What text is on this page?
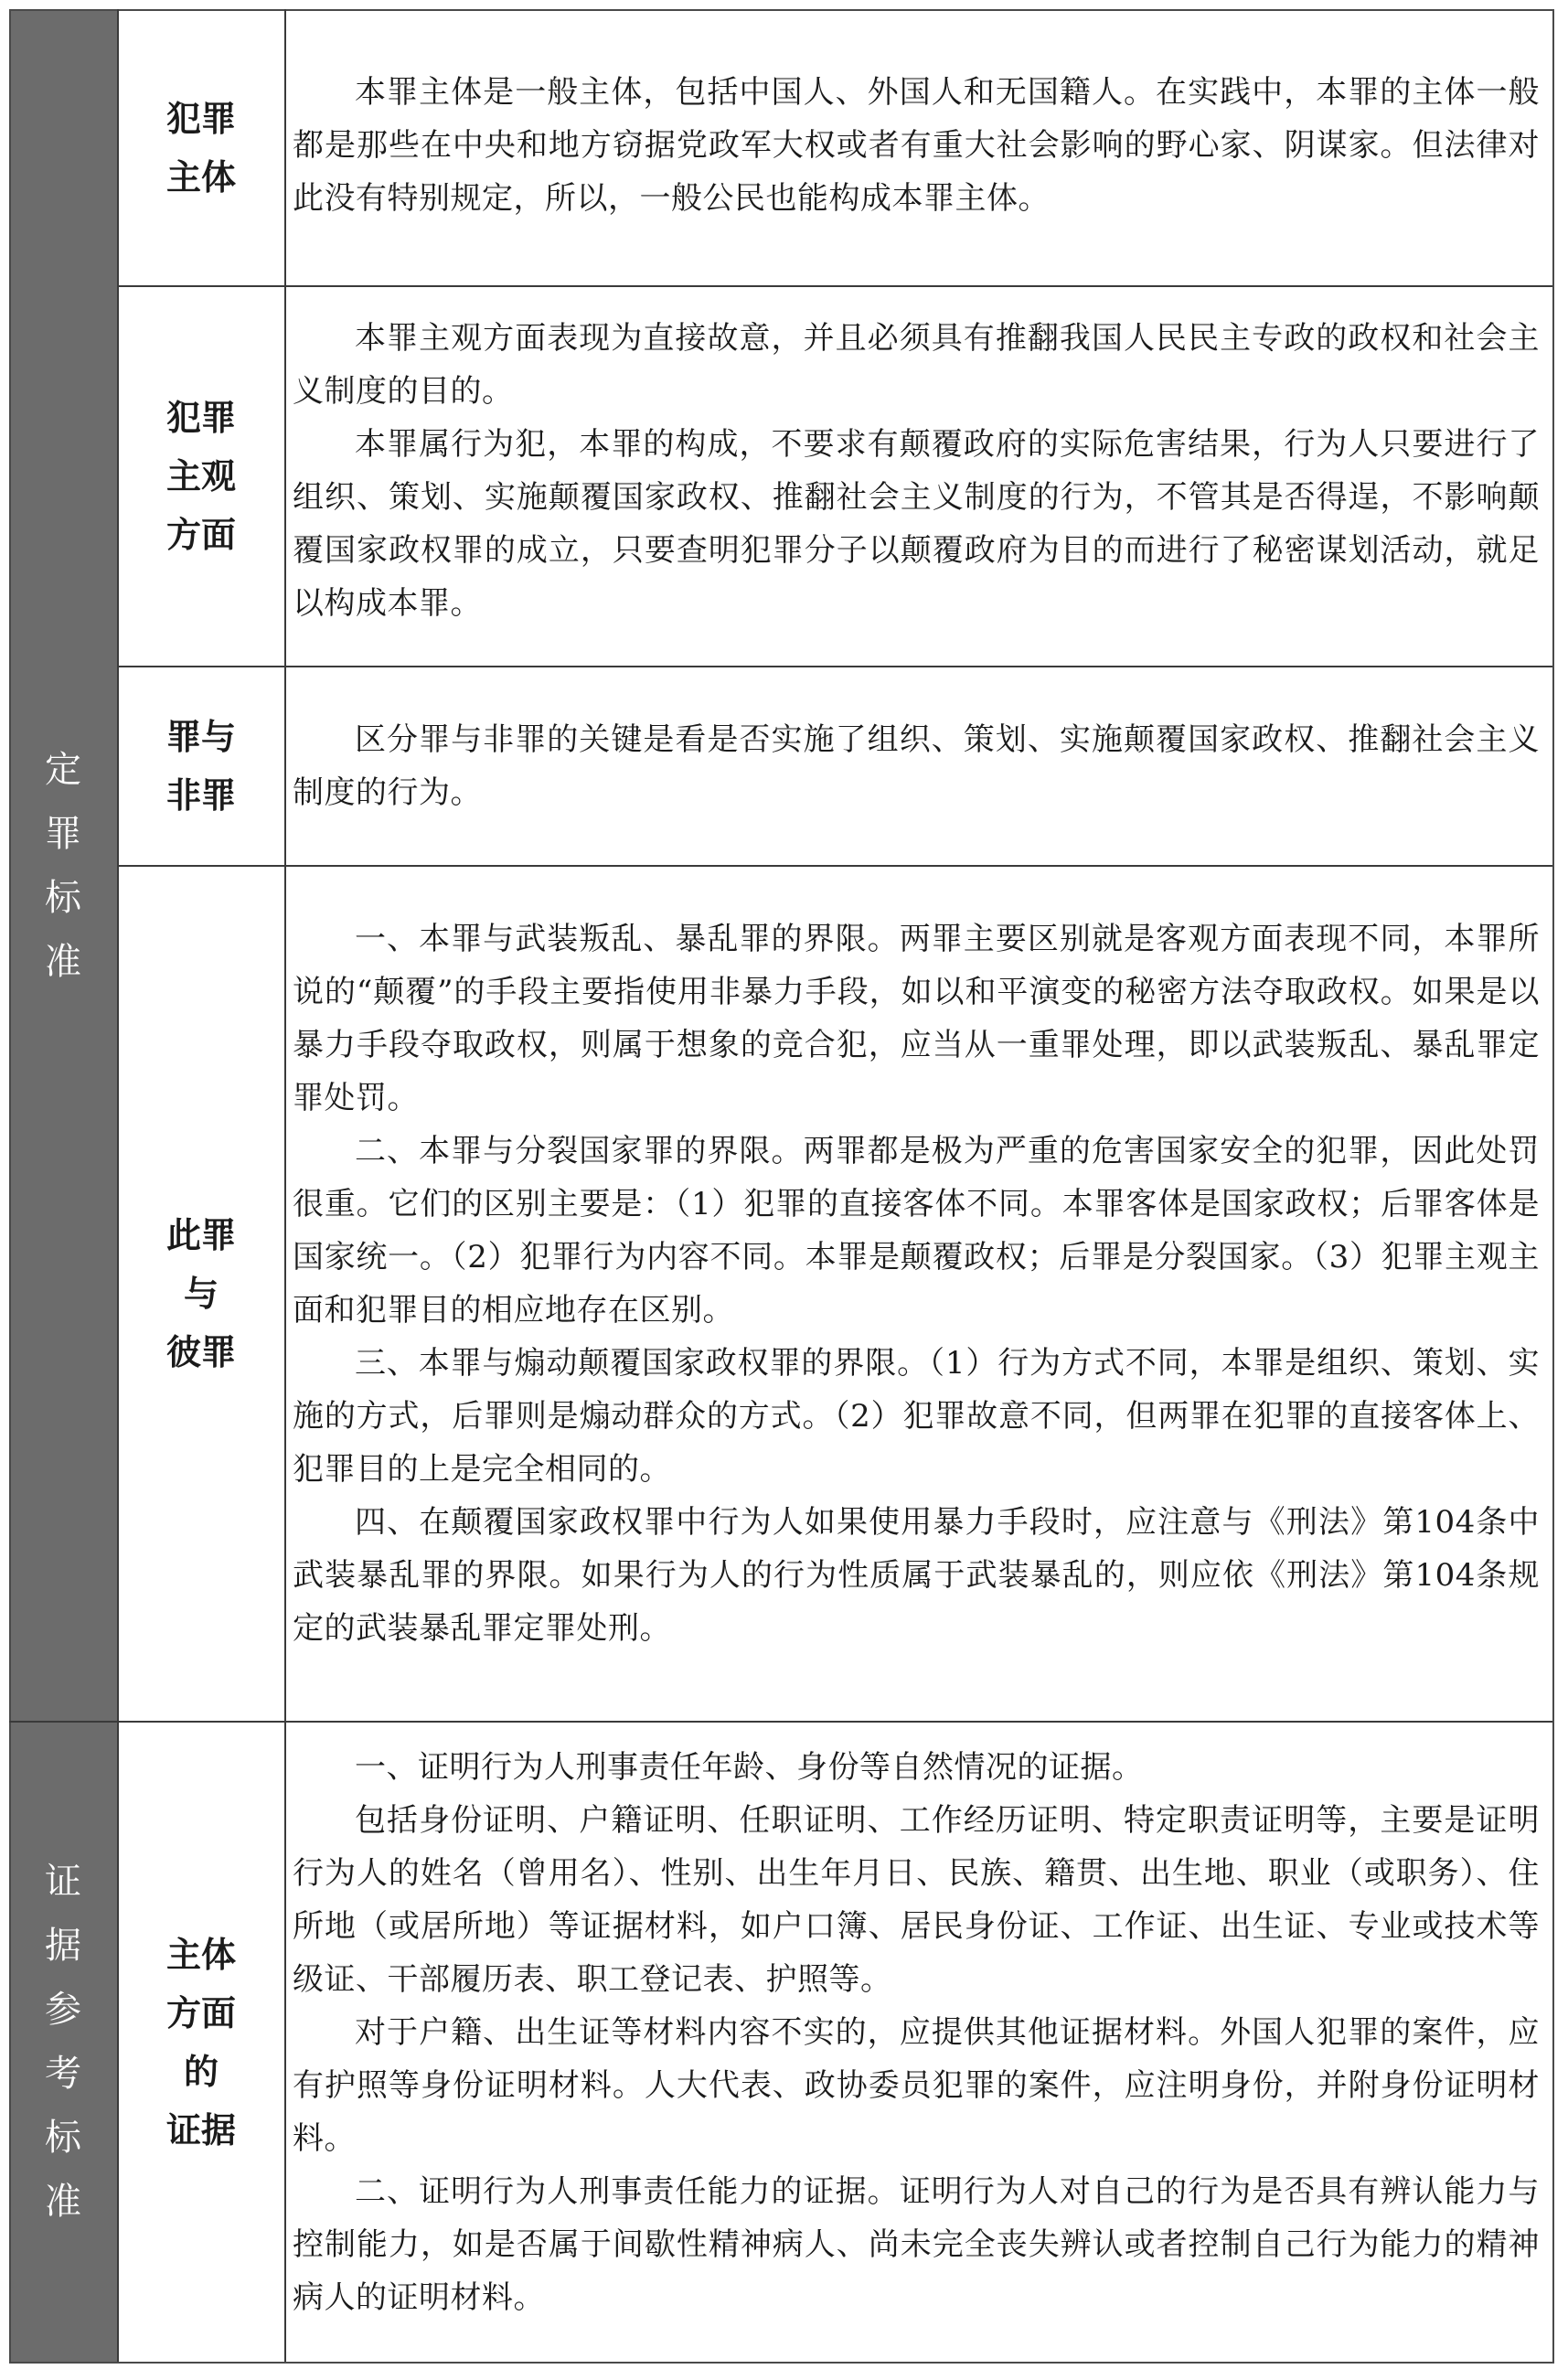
定
罪
标
准
证
据
参
考
标
准
犯罪
主体

本罪主体是一般主体，包括中国人、外国人和无国籍人。在实践中，本罪的主体一般都是那些在中央和地方窃据党政军大权或者有重大社会影响的野心家、阴谋家。但法律对此没有特别规定，所以，一般公民也能构成本罪主体。

犯罪
主观
方面

本罪主观方面表现为直接故意，并且必须具有推翻我国人民民主专政的政权和社会主义制度的目的。

本罪属行为犯，本罪的构成，不要求有颠覆政府的实际危害结果，行为人只要进行了组织、策划、实施颠覆国家政权、推翻社会主义制度的行为，不管其是否得逞，不影响颠覆国家政权罪的成立，只要查明犯罪分子以颠覆政府为目的而进行了秘密谋划活动，就足以构成本罪。

罪与
非罪

区分罪与非罪的关键是看是否实施了组织、策划、实施颠覆国家政权、推翻社会主义制度的行为。

此罪
与
彼罪

一、本罪与武装叛乱、暴乱罪的界限。两罪主要区别就是客观方面表现不同，本罪所说的“颠覆”的手段主要指使用非暴力手段，如以和平演变的秘密方法夺取政权。如果是以暴力手段夺取政权，则属于想象的竞合犯，应当从一重罪处理，即以武装叛乱、暴乱罪定罪处罚。

二、本罪与分裂国家罪的界限。两罪都是极为严重的危害国家安全的犯罪，因此处罚很重。它们的区别主要是：（1）犯罪的直接客体不同。本罪客体是国家政权；后罪客体是国家统一。（2）犯罪行为内容不同。本罪是颠覆政权；后罪是分裂国家。（3）犯罪主观主面和犯罪目的相应地存在区别。

三、本罪与煽动颠覆国家政权罪的界限。（1）行为方式不同，本罪是组织、策划、实施的方式，后罪则是煽动群众的方式。（2）犯罪故意不同，但两罪在犯罪的直接客体上、犯罪目的上是完全相同的。

四、在颠覆国家政权罪中行为人如果使用暴力手段时，应注意与《刑法》第104条中武装暴乱罪的界限。如果行为人的行为性质属于武装暴乱的，则应依《刑法》第104条规定的武装暴乱罪定罪处刑。

主体
方面
的
证据

一、证明行为人刑事责任年龄、身份等自然情况的证据。

包括身份证明、户籍证明、任职证明、工作经历证明、特定职责证明等，主要是证明行为人的姓名（曾用名）、性别、出生年月日、民族、籍贯、出生地、职业（或职务）、住所地（或居所地）等证据材料，如户口簿、居民身份证、工作证、出生证、专业或技术等级证、干部履历表、职工登记表、护照等。

对于户籍、出生证等材料内容不实的，应提供其他证据材料。外国人犯罪的案件，应有护照等身份证明材料。人大代表、政协委员犯罪的案件，应注明身份，并附身份证明材料。

二、证明行为人刑事责任能力的证据。证明行为人对自己的行为是否具有辨认能力与控制能力，如是否属于间歇性精神病人、尚未完全丧失辨认或者控制自己行为能力的精神病人的证明材料。
